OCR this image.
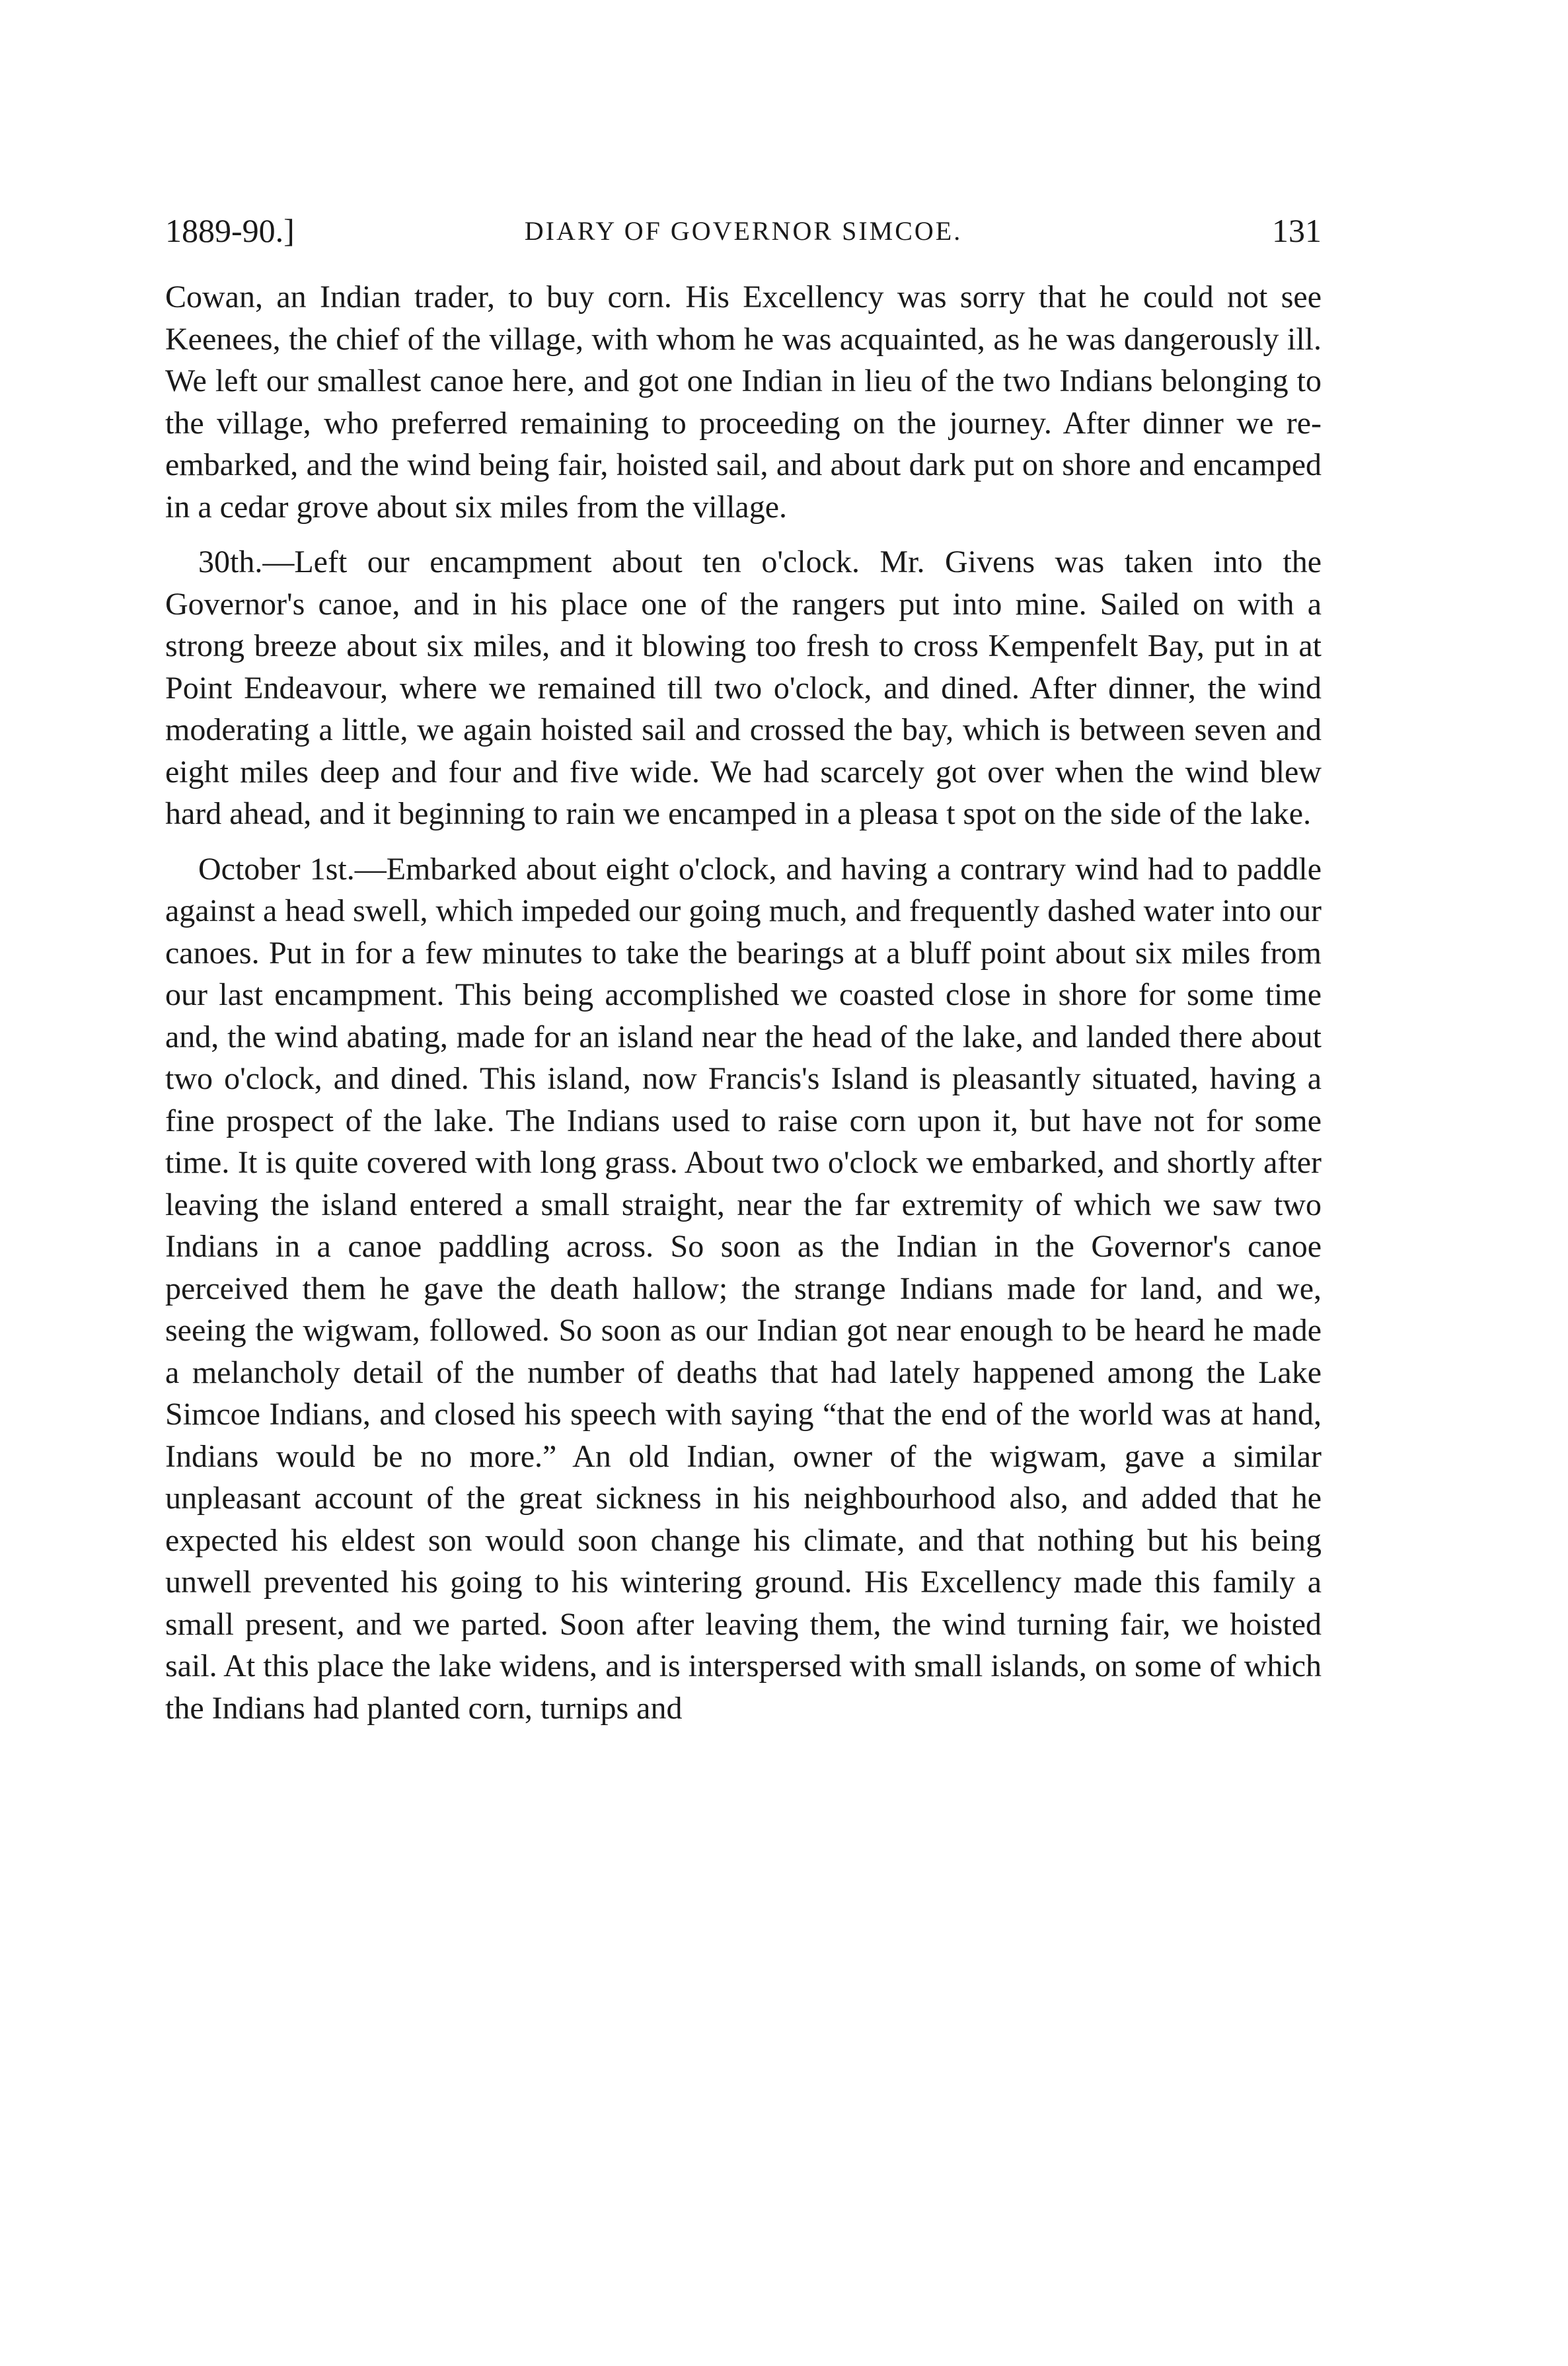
1889-90.]	DIARY OF GOVERNOR SIMCOE.	131

Cowan, an Indian trader, to buy corn. His Excellency was sorry that he could not see Keenees, the chief of the village, with whom he was acquainted, as he was dangerously ill. We left our smallest canoe here, and got one Indian in lieu of the two Indians belonging to the village, who preferred remaining to proceeding on the journey. After dinner we re-embarked, and the wind being fair, hoisted sail, and about dark put on shore and encamped in a cedar grove about six miles from the village.

30th.—Left our encampment about ten o'clock. Mr. Givens was taken into the Governor's canoe, and in his place one of the rangers put into mine. Sailed on with a strong breeze about six miles, and it blowing too fresh to cross Kempenfelt Bay, put in at Point Endeavour, where we remained till two o'clock, and dined. After dinner, the wind moderating a little, we again hoisted sail and crossed the bay, which is between seven and eight miles deep and four and five wide. We had scarcely got over when the wind blew hard ahead, and it beginning to rain we encamped in a pleasa t spot on the side of the lake.

October 1st.—Embarked about eight o'clock, and having a contrary wind had to paddle against a head swell, which impeded our going much, and frequently dashed water into our canoes. Put in for a few minutes to take the bearings at a bluff point about six miles from our last encampment. This being accomplished we coasted close in shore for some time and, the wind abating, made for an island near the head of the lake, and landed there about two o'clock, and dined. This island, now Francis's Island is pleasantly situated, having a fine prospect of the lake. The Indians used to raise corn upon it, but have not for some time. It is quite covered with long grass. About two o'clock we embarked, and shortly after leaving the island entered a small straight, near the far extremity of which we saw two Indians in a canoe paddling across. So soon as the Indian in the Governor's canoe perceived them he gave the death hallow; the strange Indians made for land, and we, seeing the wigwam, followed. So soon as our Indian got near enough to be heard he made a melancholy detail of the number of deaths that had lately happened among the Lake Simcoe Indians, and closed his speech with saying “that the end of the world was at hand, Indians would be no more.” An old Indian, owner of the wigwam, gave a similar unpleasant account of the great sickness in his neighbourhood also, and added that he expected his eldest son would soon change his climate, and that nothing but his being unwell prevented his going to his wintering ground. His Excellency made this family a small present, and we parted. Soon after leaving them, the wind turning fair, we hoisted sail. At this place the lake widens, and is interspersed with small islands, on some of which the Indians had planted corn, turnips and
